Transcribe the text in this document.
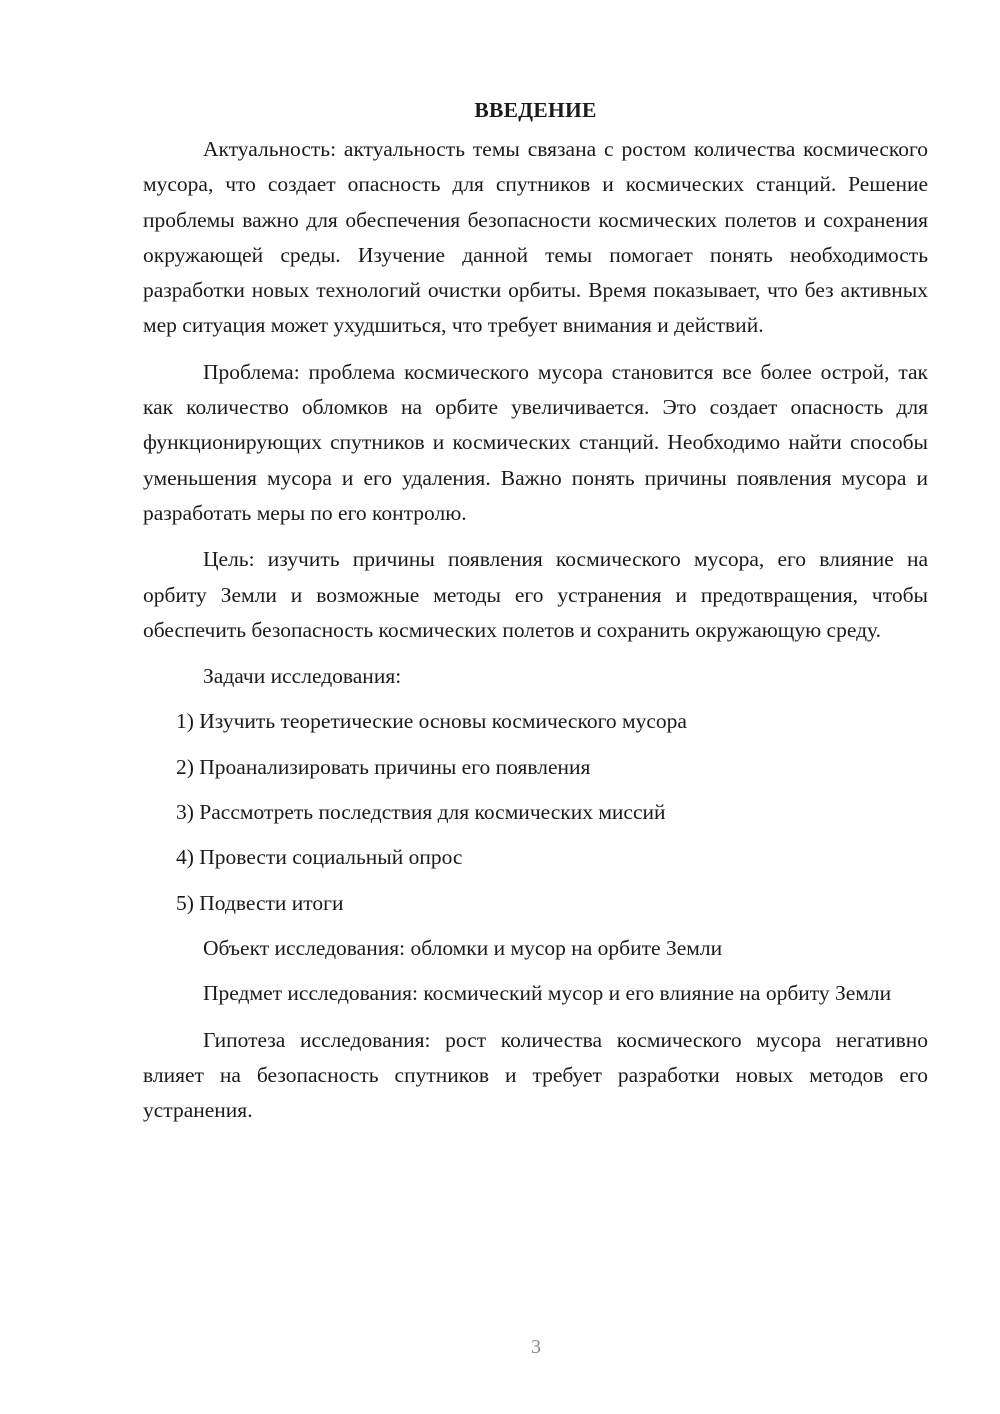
ВВЕДЕНИЕ

Актуальность: актуальность темы связана с ростом количества космического мусора, что создает опасность для спутников и космических станций. Решение проблемы важно для обеспечения безопасности космических полетов и сохранения окружающей среды. Изучение данной темы помогает понять необходимость разработки новых технологий очистки орбиты. Время показывает, что без активных мер ситуация может ухудшиться, что требует внимания и действий.

Проблема: проблема космического мусора становится все более острой, так как количество обломков на орбите увеличивается. Это создает опасность для функционирующих спутников и космических станций. Необходимо найти способы уменьшения мусора и его удаления. Важно понять причины появления мусора и разработать меры по его контролю.

Цель: изучить причины появления космического мусора, его влияние на орбиту Земли и возможные методы его устранения и предотвращения, чтобы обеспечить безопасность космических полетов и сохранить окружающую среду.

Задачи исследования:

1) Изучить теоретические основы космического мусора
2) Проанализировать причины его появления
3) Рассмотреть последствия для космических миссий
4) Провести социальный опрос
5) Подвести итоги

Объект исследования: обломки и мусор на орбите Земли

Предмет исследования: космический мусор и его влияние на орбиту Земли

Гипотеза исследования: рост количества космического мусора негативно влияет на безопасность спутников и требует разработки новых методов его устранения.

3
